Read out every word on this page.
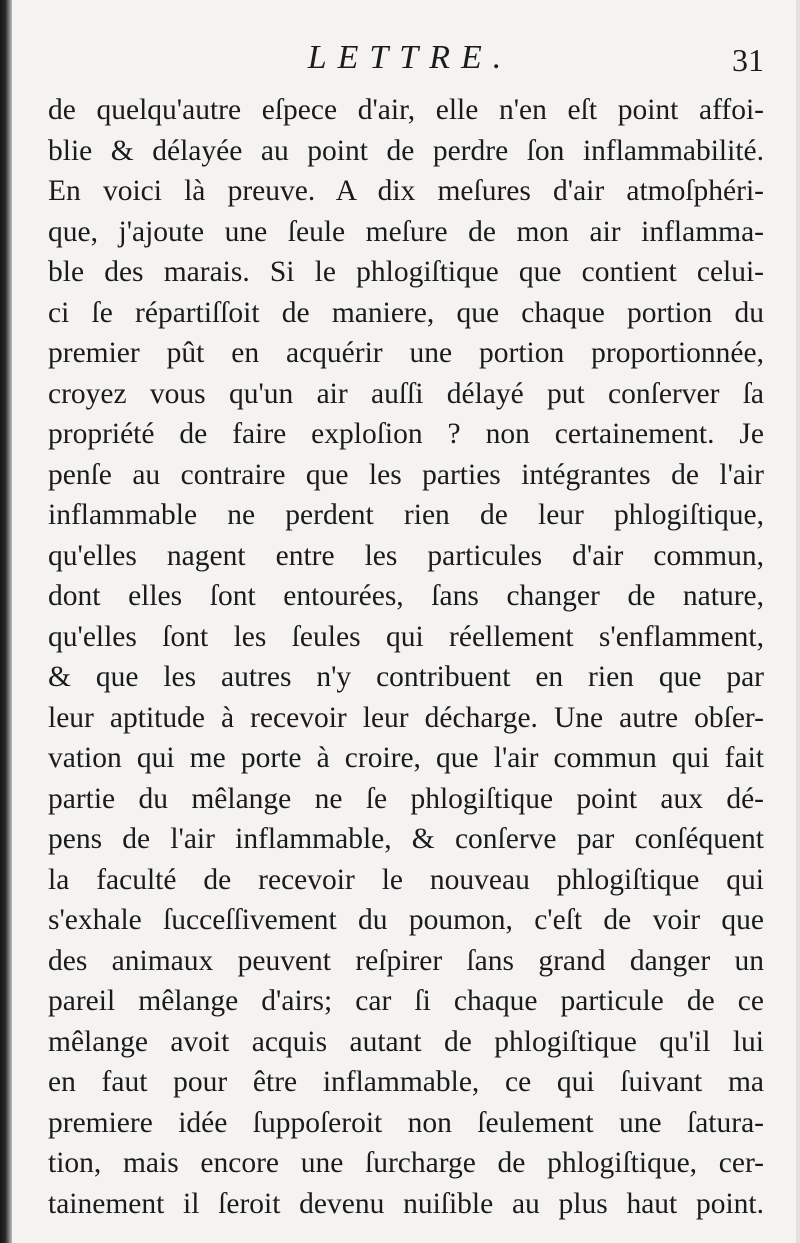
LETTRE.	31
de quelqu'autre eſpece d'air, elle n'en eſt point affoi-
blie & délayée au point de perdre ſon inflammabilité.
En voici là preuve. A dix meſures d'air atmoſphéri-
que, j'ajoute une ſeule meſure de mon air inflamma-
ble des marais. Si le phlogiſtique que contient celui-
ci ſe répartiſſoit de maniere, que chaque portion du
premier pût en acquérir une portion proportionnée,
croyez vous qu'un air auſſi délayé put conſerver ſa
propriété de faire exploſion ? non certainement. Je
penſe au contraire que les parties intégrantes de l'air
inflammable ne perdent rien de leur phlogiſtique,
qu'elles nagent entre les particules d'air commun,
dont elles ſont entourées, ſans changer de nature,
qu'elles ſont les ſeules qui réellement s'enflamment,
& que les autres n'y contribuent en rien que par
leur aptitude à recevoir leur décharge. Une autre obſer-
vation qui me porte à croire, que l'air commun qui fait
partie du mêlange ne ſe phlogiſtique point aux dé-
pens de l'air inflammable, & conſerve par conſéquent
la faculté de recevoir le nouveau phlogiſtique qui
s'exhale ſucceſſivement du poumon, c'eſt de voir que
des animaux peuvent reſpirer ſans grand danger un
pareil mêlange d'airs; car ſi chaque particule de ce
mêlange avoit acquis autant de phlogiſtique qu'il lui
en faut pour être inflammable, ce qui ſuivant ma
premiere idée ſuppoſeroit non ſeulement une ſatura-
tion, mais encore une ſurcharge de phlogiſtique, cer-
tainement il ſeroit devenu nuiſible au plus haut point.
